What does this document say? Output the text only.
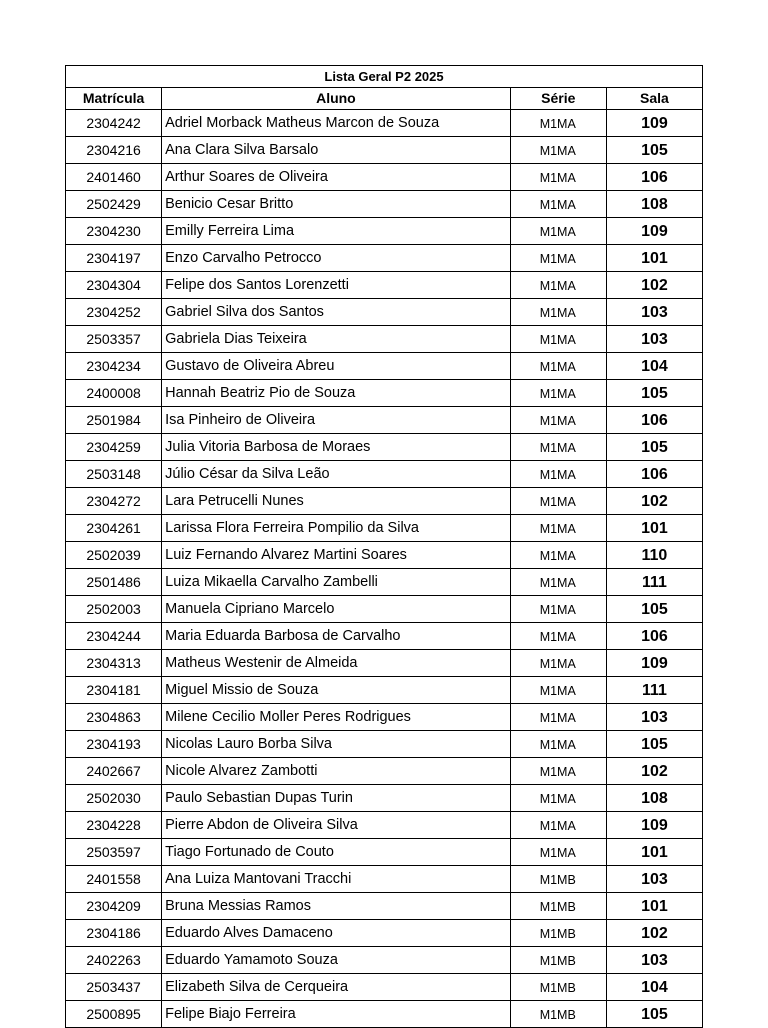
Lista Geral P2 2025			
Matrícula	Aluno	Série	Sala
2304242	Adriel Morback Matheus Marcon de Souza	M1MA	109
2304216	Ana Clara Silva Barsalo	M1MA	105
2401460	Arthur Soares de Oliveira	M1MA	106
2502429	Benicio Cesar Britto	M1MA	108
2304230	Emilly Ferreira Lima	M1MA	109
2304197	Enzo Carvalho Petrocco	M1MA	101
2304304	Felipe dos Santos Lorenzetti	M1MA	102
2304252	Gabriel Silva dos Santos	M1MA	103
2503357	Gabriela Dias Teixeira	M1MA	103
2304234	Gustavo de Oliveira Abreu	M1MA	104
2400008	Hannah Beatriz Pio de Souza	M1MA	105
2501984	Isa Pinheiro de Oliveira	M1MA	106
2304259	Julia Vitoria Barbosa de Moraes	M1MA	105
2503148	Júlio César da Silva Leão	M1MA	106
2304272	Lara Petrucelli Nunes	M1MA	102
2304261	Larissa Flora Ferreira Pompilio da Silva	M1MA	101
2502039	Luiz Fernando Alvarez Martini Soares	M1MA	110
2501486	Luiza Mikaella Carvalho Zambelli	M1MA	111
2502003	Manuela Cipriano Marcelo	M1MA	105
2304244	Maria Eduarda Barbosa de Carvalho	M1MA	106
2304313	Matheus Westenir de Almeida	M1MA	109
2304181	Miguel Missio de Souza	M1MA	111
2304863	Milene Cecilio Moller Peres Rodrigues	M1MA	103
2304193	Nicolas Lauro Borba Silva	M1MA	105
2402667	Nicole Alvarez Zambotti	M1MA	102
2502030	Paulo Sebastian Dupas Turin	M1MA	108
2304228	Pierre Abdon de Oliveira Silva	M1MA	109
2503597	Tiago Fortunado de Couto	M1MA	101
2401558	Ana Luiza Mantovani Tracchi	M1MB	103
2304209	Bruna Messias Ramos	M1MB	101
2304186	Eduardo Alves Damaceno	M1MB	102
2402263	Eduardo Yamamoto Souza	M1MB	103
2503437	Elizabeth Silva de Cerqueira	M1MB	104
2500895	Felipe Biajo Ferreira	M1MB	105
